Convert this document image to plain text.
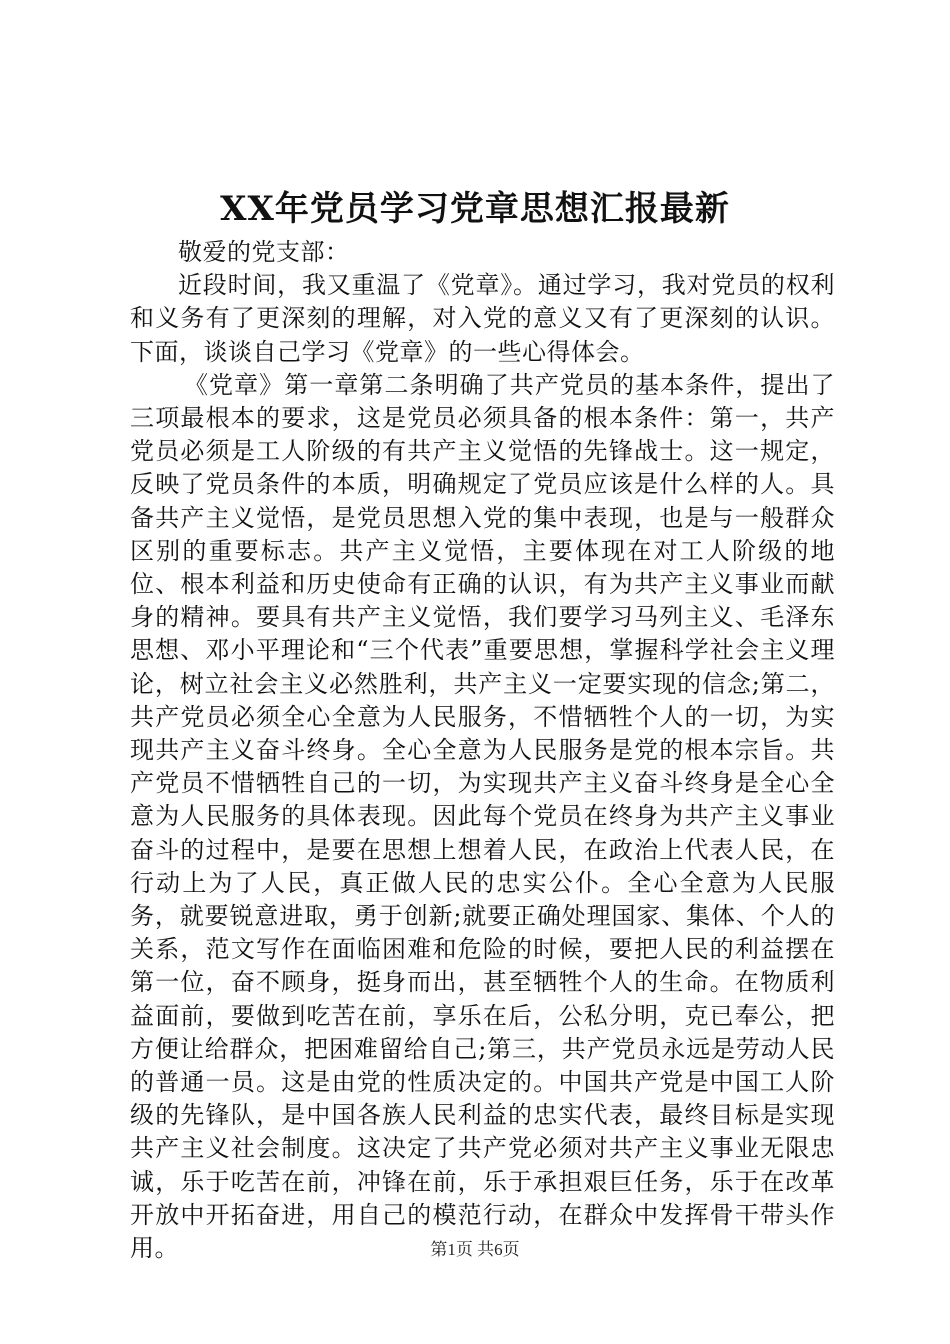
XX年党员学习党章思想汇报最新

敬爱的党支部：

近段时间，我又重温了《党章》。通过学习，我对党员的权利和义务有了更深刻的理解，对入党的意义又有了更深刻的认识。下面，谈谈自己学习《党章》的一些心得体会。

《党章》第一章第二条明确了共产党员的基本条件，提出了三项最根本的要求，这是党员必须具备的根本条件：第一，共产党员必须是工人阶级的有共产主义觉悟的先锋战士。这一规定，反映了党员条件的本质，明确规定了党员应该是什么样的人。具备共产主义觉悟，是党员思想入党的集中表现，也是与一般群众区别的重要标志。共产主义觉悟，主要体现在对工人阶级的地位、根本利益和历史使命有正确的认识，有为共产主义事业而献身的精神。要具有共产主义觉悟，我们要学习马列主义、毛泽东思想、邓小平理论和“三个代表”重要思想，掌握科学社会主义理论，树立社会主义必然胜利，共产主义一定要实现的信念;第二，共产党员必须全心全意为人民服务，不惜牺牲个人的一切，为实现共产主义奋斗终身。全心全意为人民服务是党的根本宗旨。共产党员不惜牺牲自己的一切，为实现共产主义奋斗终身是全心全意为人民服务的具体表现。因此每个党员在终身为共产主义事业奋斗的过程中，是要在思想上想着人民，在政治上代表人民，在行动上为了人民，真正做人民的忠实公仆。全心全意为人民服务，就要锐意进取，勇于创新;就要正确处理国家、集体、个人的关系，范文写作在面临困难和危险的时候，要把人民的利益摆在第一位，奋不顾身，挺身而出，甚至牺牲个人的生命。在物质利益面前，要做到吃苦在前，享乐在后，公私分明，克已奉公，把方便让给群众，把困难留给自己;第三，共产党员永远是劳动人民的普通一员。这是由党的性质决定的。中国共产党是中国工人阶级的先锋队，是中国各族人民利益的忠实代表，最终目标是实现共产主义社会制度。这决定了共产党必须对共产主义事业无限忠诚，乐于吃苦在前，冲锋在前，乐于承担艰巨任务，乐于在改革开放中开拓奋进，用自己的模范行动，在群众中发挥骨干带头作用。	第1页 共6页
